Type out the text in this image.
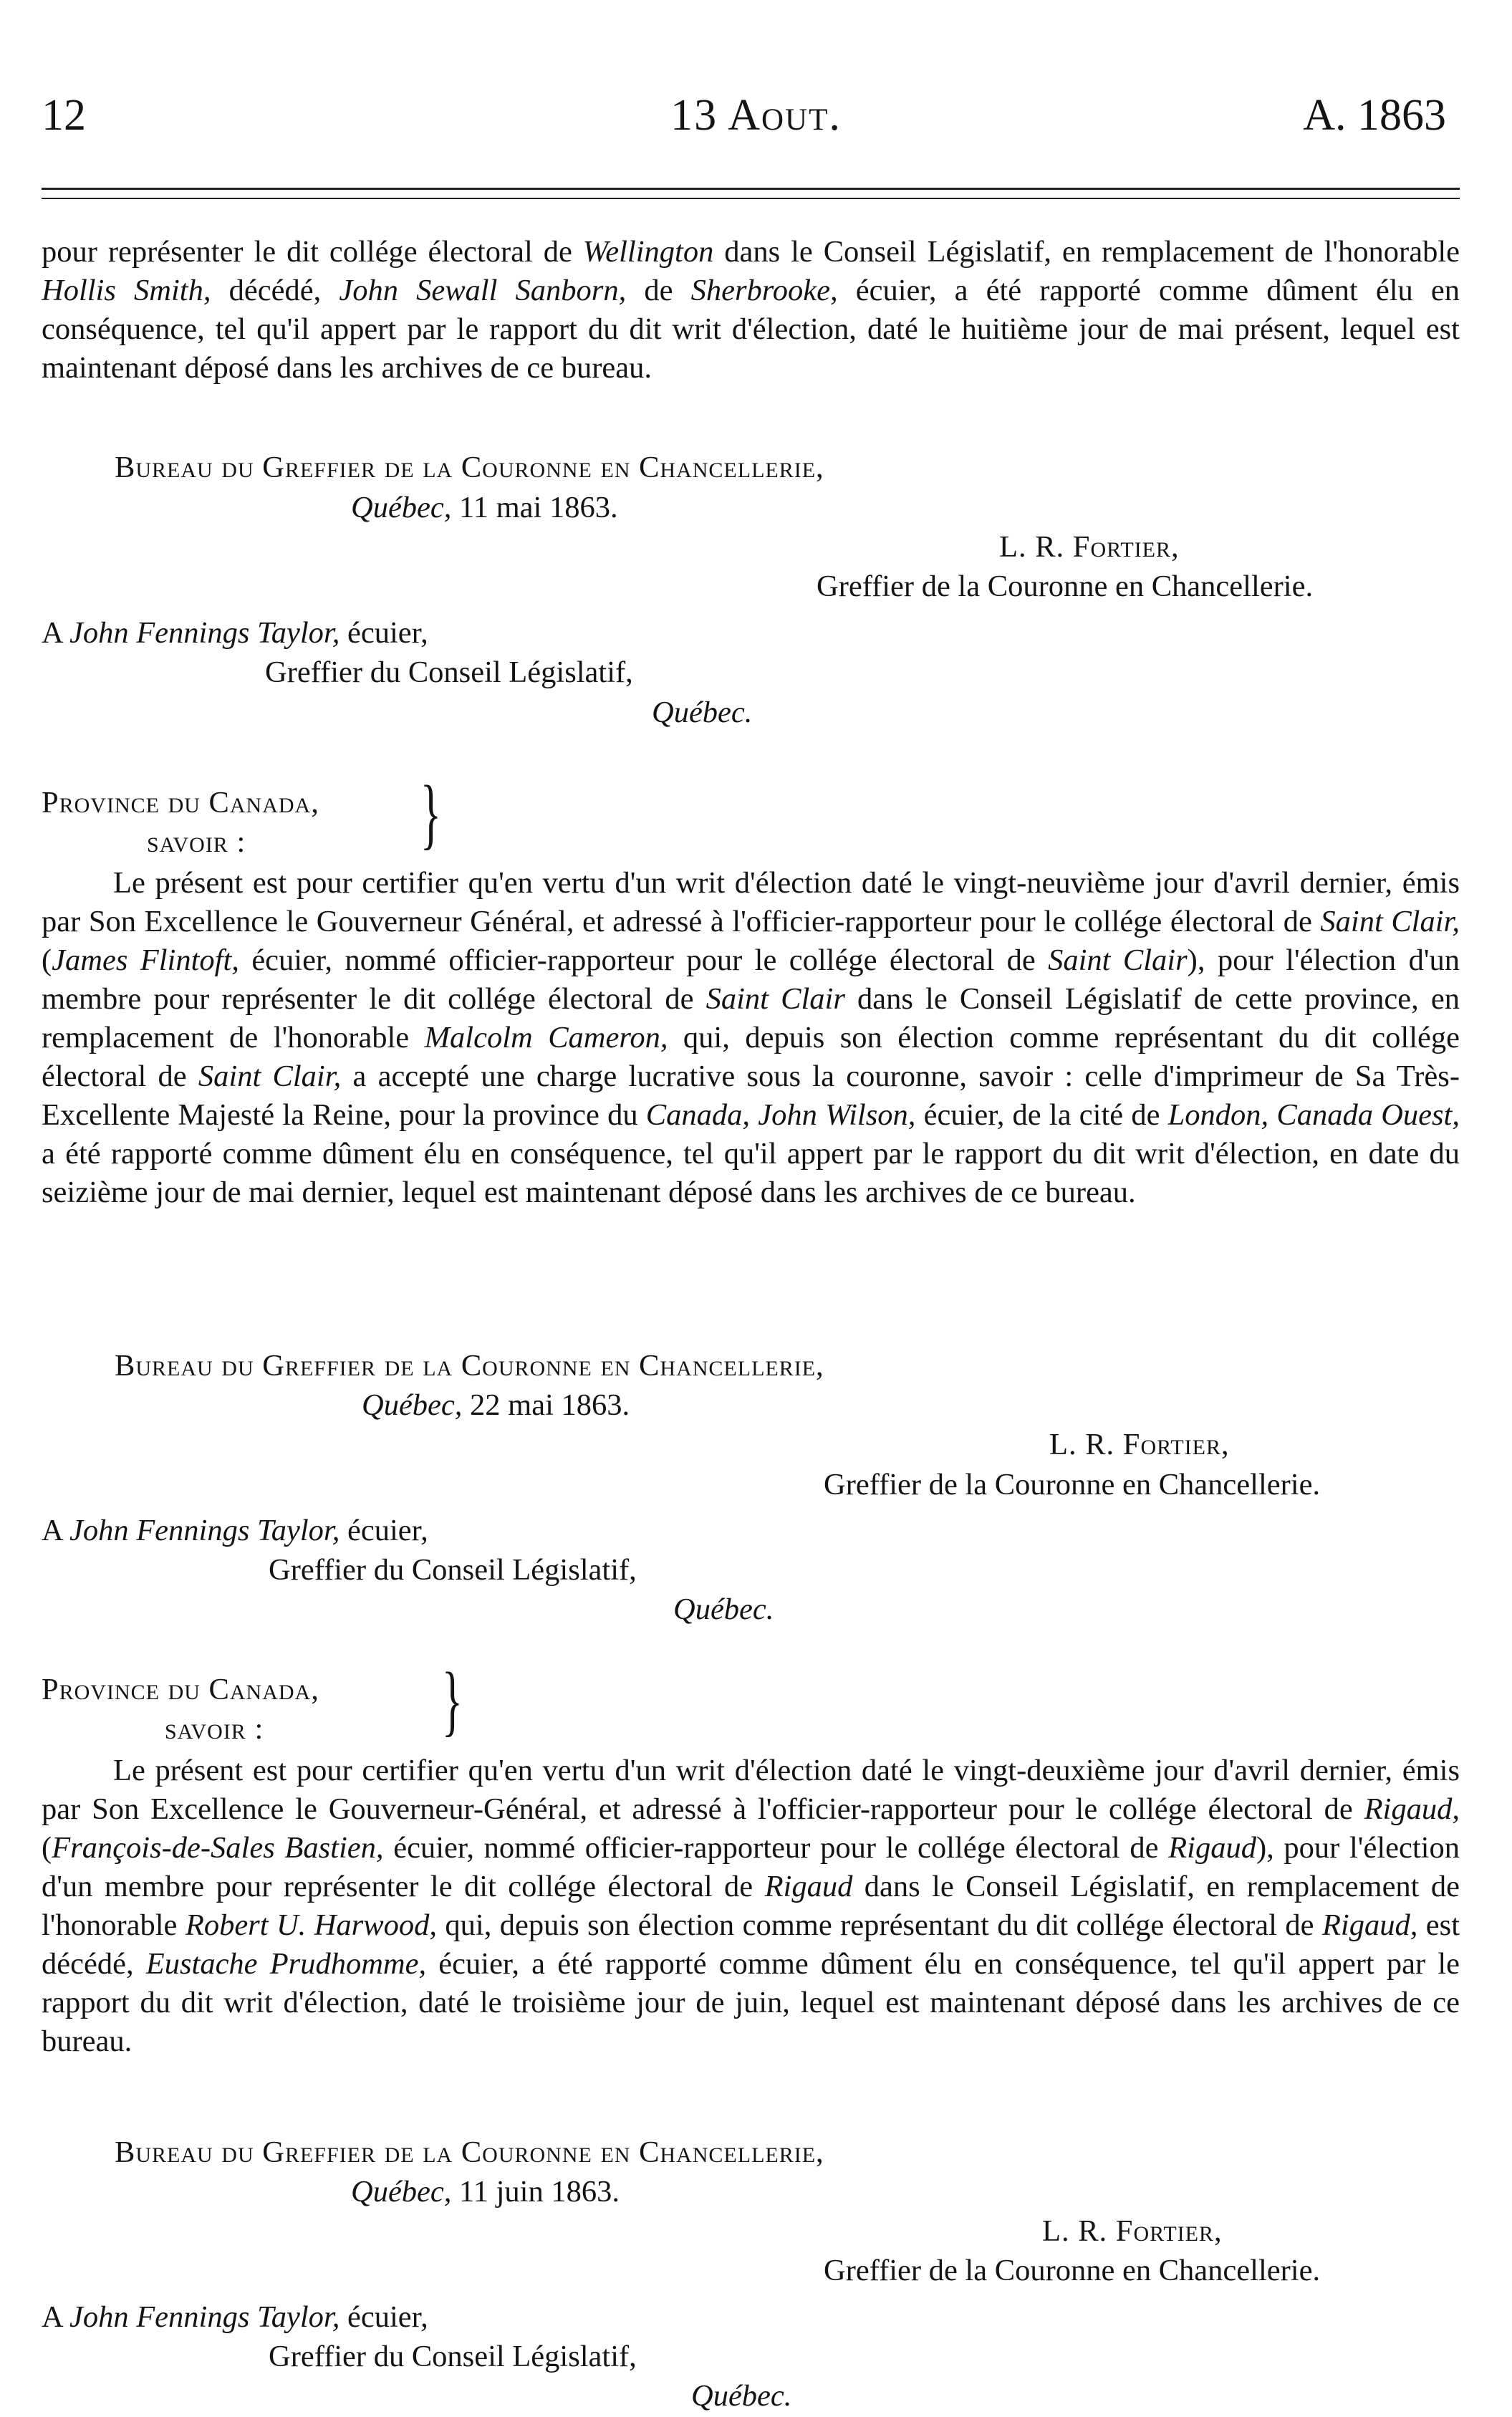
12	13 Aout.	A. 1863

pour représenter le dit collége électoral de Wellington dans le Conseil Législatif, en remplacement de l'honorable Hollis Smith, décédé, John Sewall Sanborn, de Sherbrooke, écuier, a été rapporté comme dûment élu en conséquence, tel qu'il appert par le rapport du dit writ d'élection, daté le huitième jour de mai présent, lequel est maintenant déposé dans les archives de ce bureau.

Bureau du Greffier de la Couronne en Chancellerie,
Québec, 11 mai 1863.
L. R. Fortier,
Greffier de la Couronne en Chancellerie.
A John Fennings Taylor, écuier,
Greffier du Conseil Législatif,
Québec.
Province du Canada,
savoir : }

Le présent est pour certifier qu'en vertu d'un writ d'élection daté le vingt-neuvième jour d'avril dernier, émis par Son Excellence le Gouverneur Général, et adressé à l'officier-rapporteur pour le collége électoral de Saint Clair, (James Flintoft, écuier, nommé officier-rapporteur pour le collége électoral de Saint Clair), pour l'élection d'un membre pour représenter le dit collége électoral de Saint Clair dans le Conseil Législatif de cette province, en remplacement de l'honorable Malcolm Cameron, qui, depuis son élection comme représentant du dit collége électoral de Saint Clair, a accepté une charge lucrative sous la couronne, savoir : celle d'imprimeur de Sa Très-Excellente Majesté la Reine, pour la province du Canada, John Wilson, écuier, de la cité de London, Canada Ouest, a été rapporté comme dûment élu en conséquence, tel qu'il appert par le rapport du dit writ d'élection, en date du seizième jour de mai dernier, lequel est maintenant déposé dans les archives de ce bureau.

Bureau du Greffier de la Couronne en Chancellerie,
Québec, 22 mai 1863.
L. R. Fortier,
Greffier de la Couronne en Chancellerie.
A John Fennings Taylor, écuier,
Greffier du Conseil Législatif,
Québec.
Province du Canada,
savoir : }

Le présent est pour certifier qu'en vertu d'un writ d'élection daté le vingt-deuxième jour d'avril dernier, émis par Son Excellence le Gouverneur-Général, et adressé à l'officier-rapporteur pour le collége électoral de Rigaud, (François-de-Sales Bastien, écuier, nommé officier-rapporteur pour le collége électoral de Rigaud), pour l'élection d'un membre pour représenter le dit collége électoral de Rigaud dans le Conseil Législatif, en remplacement de l'honorable Robert U. Harwood, qui, depuis son élection comme représentant du dit collége électoral de Rigaud, est décédé, Eustache Prudhomme, écuier, a été rapporté comme dûment élu en conséquence, tel qu'il appert par le rapport du dit writ d'élection, daté le troisième jour de juin, lequel est maintenant déposé dans les archives de ce bureau.

Bureau du Greffier de la Couronne en Chancellerie,
Québec, 11 juin 1863.
L. R. Fortier,
Greffier de la Couronne en Chancellerie.
A John Fennings Taylor, écuier,
Greffier du Conseil Législatif,
Québec.
